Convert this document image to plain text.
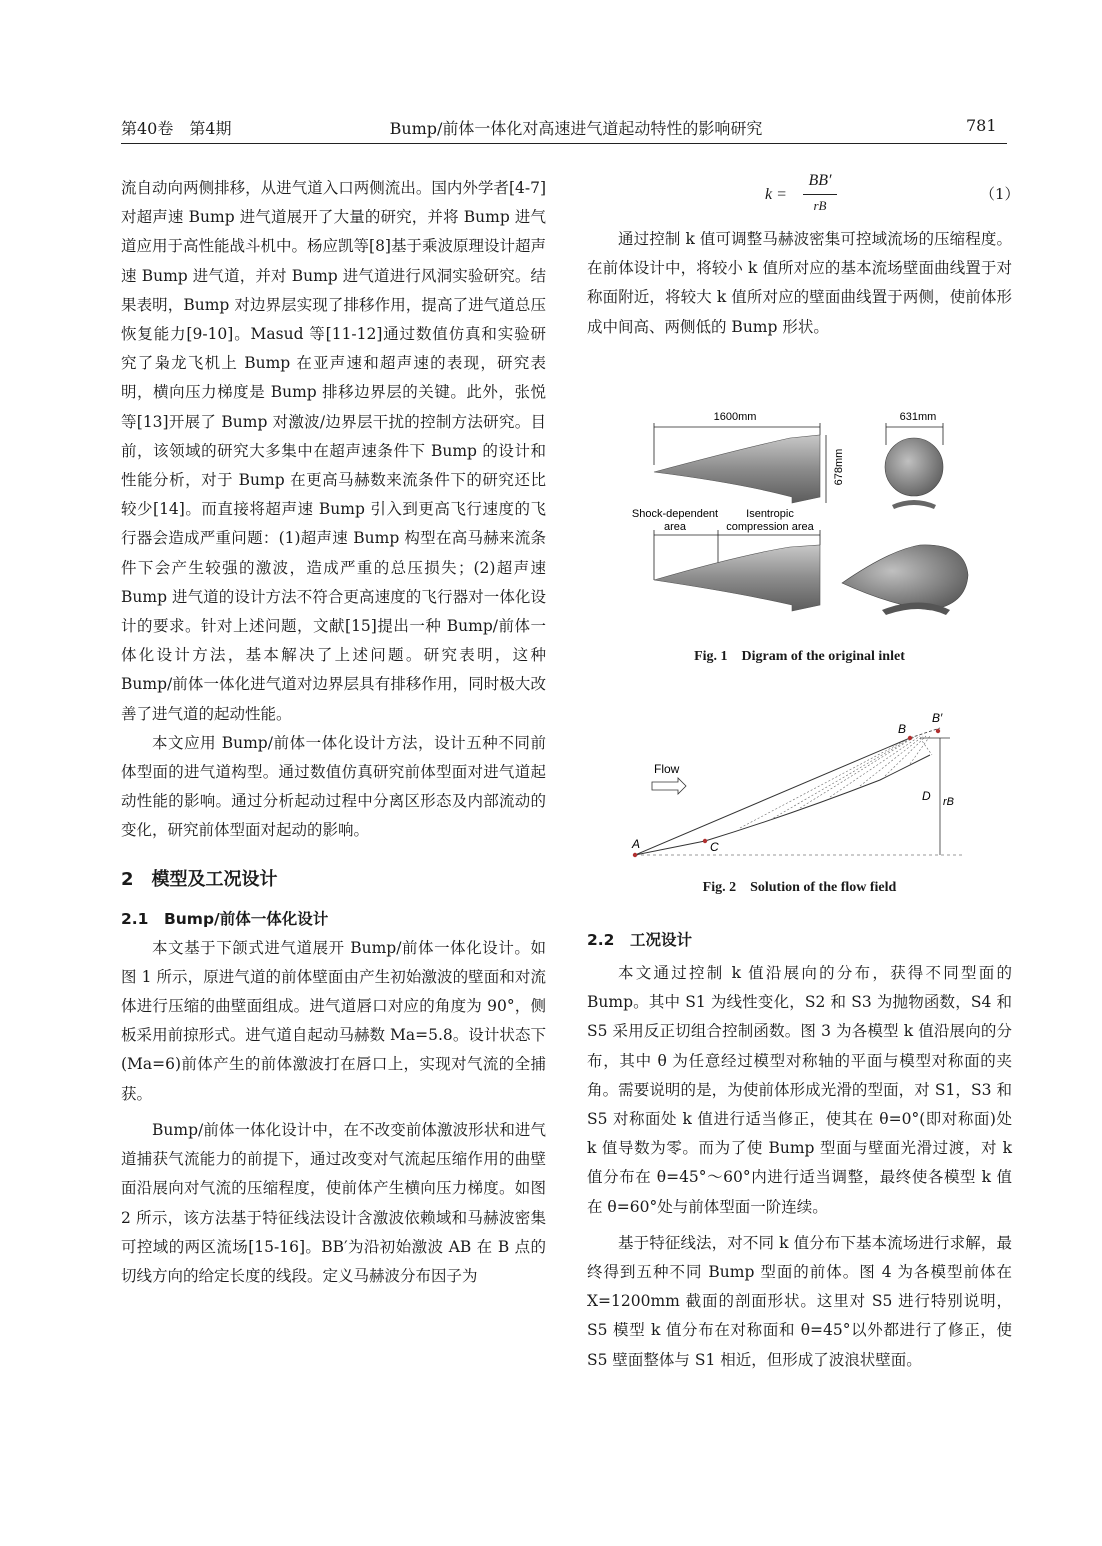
第40卷　第4期	Bump/前体一体化对高速进气道起动特性的影响研究	781

流自动向两侧排移，从进气道入口两侧流出。国内外学者[4-7]对超声速 Bump 进气道展开了大量的研究，并将 Bump 进气道应用于高性能战斗机中。杨应凯等[8]基于乘波原理设计超声速 Bump 进气道，并对 Bump 进气道进行风洞实验研究。结果表明，Bump 对边界层实现了排移作用，提高了进气道总压恢复能力[9-10]。Masud 等[11-12]通过数值仿真和实验研究了枭龙飞机上 Bump 在亚声速和超声速的表现，研究表明，横向压力梯度是 Bump 排移边界层的关键。此外，张悦等[13]开展了 Bump 对激波/边界层干扰的控制方法研究。目前，该领域的研究大多集中在超声速条件下 Bump 的设计和性能分析，对于 Bump 在更高马赫数来流条件下的研究还比较少[14]。而直接将超声速 Bump 引入到更高飞行速度的飞行器会造成严重问题：(1)超声速 Bump 构型在高马赫来流条件下会产生较强的激波，造成严重的总压损失；(2)超声速 Bump 进气道的设计方法不符合更高速度的飞行器对一体化设计的要求。针对上述问题，文献[15]提出一种 Bump/前体一体化设计方法，基本解决了上述问题。研究表明，这种 Bump/前体一体化进气道对边界层具有排移作用，同时极大改善了进气道的起动性能。

本文应用 Bump/前体一体化设计方法，设计五种不同前体型面的进气道构型。通过数值仿真研究前体型面对进气道起动性能的影响。通过分析起动过程中分离区形态及内部流动的变化，研究前体型面对起动的影响。

2　模型及工况设计

2.1　Bump/前体一体化设计

本文基于下颌式进气道展开 Bump/前体一体化设计。如图 1 所示，原进气道的前体壁面由产生初始激波的壁面和对流体进行压缩的曲壁面组成。进气道唇口对应的角度为 90°，侧板采用前掠形式。进气道自起动马赫数 Ma=5.8。设计状态下(Ma=6)前体产生的前体激波打在唇口上，实现对气流的全捕获。

Bump/前体一体化设计中，在不改变前体激波形状和进气道捕获气流能力的前提下，通过改变对气流起压缩作用的曲壁面沿展向对气流的压缩程度，使前体产生横向压力梯度。如图 2 所示，该方法基于特征线法设计含激波依赖域和马赫波密集可控域的两区流场[15-16]。BB′为沿初始激波 AB 在 B 点的切线方向的给定长度的线段。定义马赫波分布因子为

k =
BB′
rB
（1）

通过控制 k 值可调整马赫波密集可控域流场的压缩程度。在前体设计中，将较小 k 值所对应的基本流场壁面曲线置于对称面附近，将较大 k 值所对应的壁面曲线置于两侧，使前体形成中间高、两侧低的 Bump 形状。

1600mm
678mm
631mm
Shock-dependent
area
Isentropic
compression area
Fig. 1　Digram of the original inlet
Flow
A	C
B
B′
D rB
Fig. 2　Solution of the flow field

2.2　工况设计

本文通过控制 k 值沿展向的分布，获得不同型面的 Bump。其中 S1 为线性变化，S2 和 S3 为抛物函数，S4 和 S5 采用反正切组合控制函数。图 3 为各模型 k 值沿展向的分布，其中 θ 为任意经过模型对称轴的平面与模型对称面的夹角。需要说明的是，为使前体形成光滑的型面，对 S1，S3 和 S5 对称面处 k 值进行适当修正，使其在 θ=0°(即对称面)处 k 值导数为零。而为了使 Bump 型面与壁面光滑过渡，对 k 值分布在 θ=45°～60°内进行适当调整，最终使各模型 k 值在 θ=60°处与前体型面一阶连续。

基于特征线法，对不同 k 值分布下基本流场进行求解，最终得到五种不同 Bump 型面的前体。图 4 为各模型前体在 X=1200mm 截面的剖面形状。这里对 S5 进行特别说明，S5 模型 k 值分布在对称面和 θ=45°以外都进行了修正，使 S5 壁面整体与 S1 相近，但形成了波浪状壁面。
